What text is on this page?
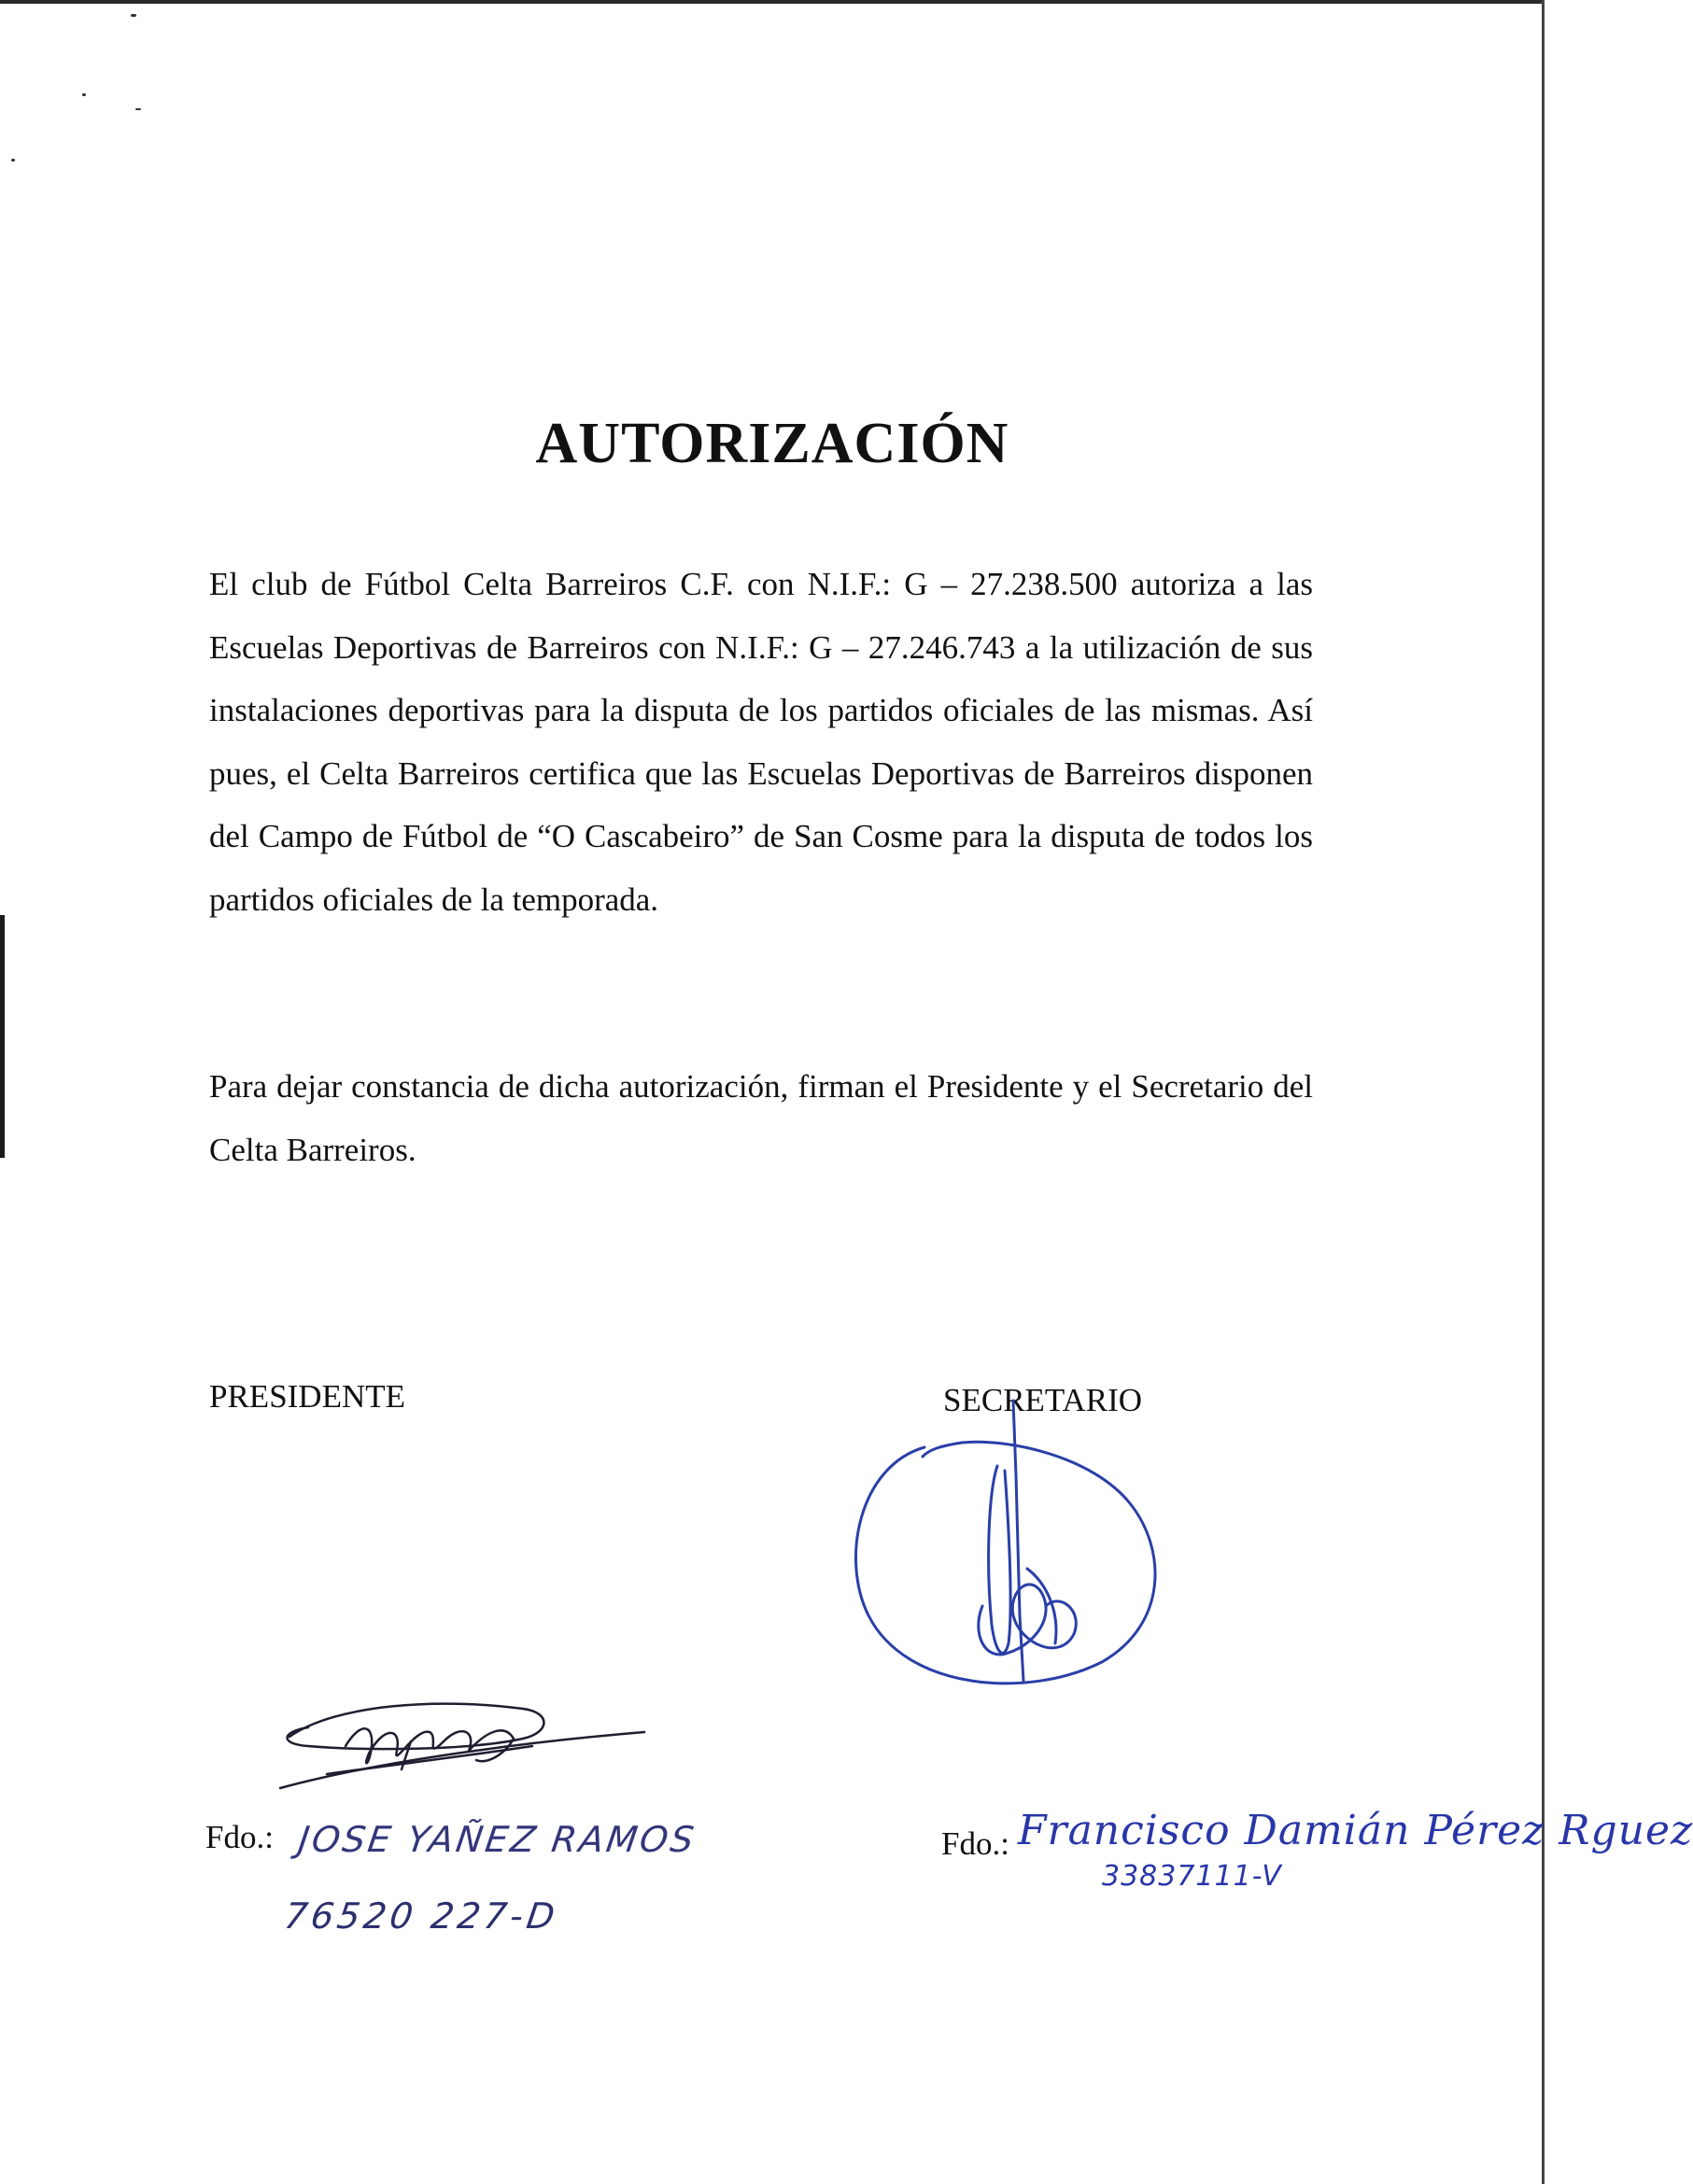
AUTORIZACIÓN
El club de Fútbol Celta Barreiros C.F. con N.I.F.: G – 27.238.500 autoriza a las Escuelas Deportivas de Barreiros con N.I.F.: G – 27.246.743 a la utilización de sus instalaciones deportivas para la disputa de los partidos oficiales de las mismas. Así pues, el Celta Barreiros certifica que las Escuelas Deportivas de Barreiros disponen del Campo de Fútbol de “O Cascabeiro” de San Cosme para la disputa de todos los partidos oficiales de la temporada.
Para dejar constancia de dicha autorización, firman el Presidente y el Secretario del Celta Barreiros.
PRESIDENTE	SECRETARIO
Fdo.: JOSE YAÑEZ RAMOS
76520 227-D
Fdo.: Francisco Damián Pérez Rguez
33837111-V
